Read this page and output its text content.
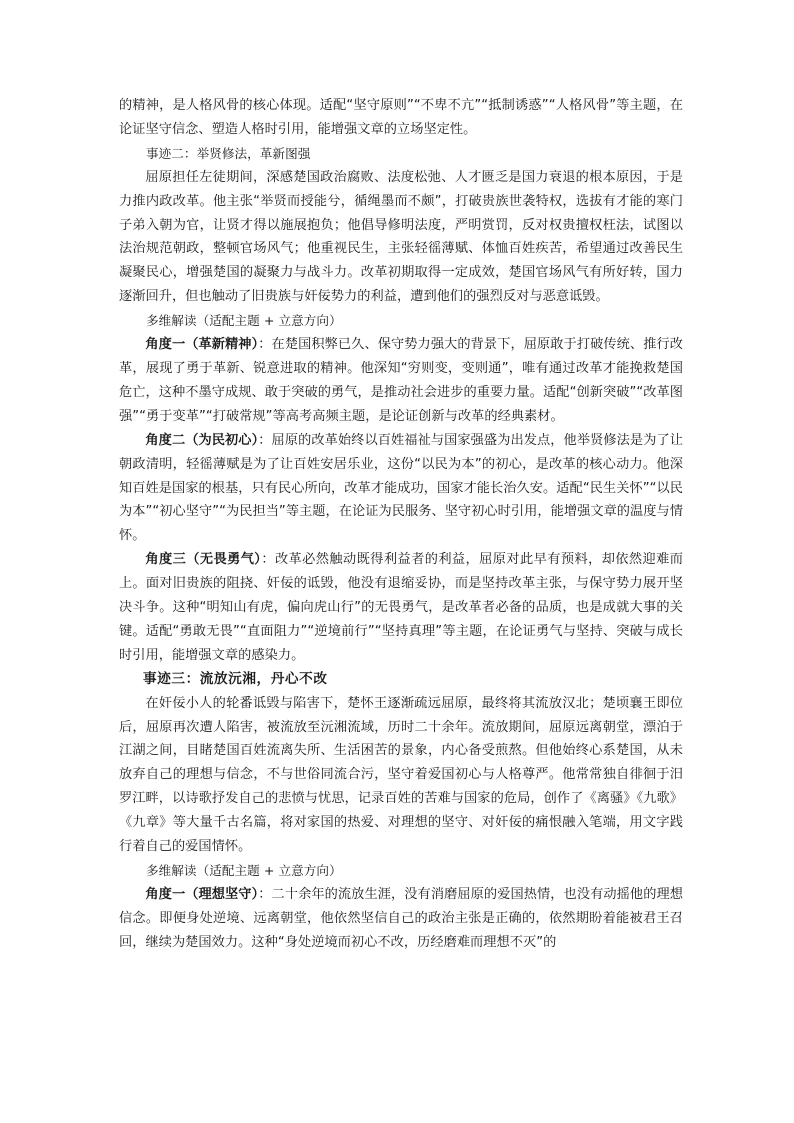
的精神，是人格风骨的核心体现。适配“坚守原则”“不卑不亢”“抵制诱惑”“人格风骨”等主题，在论证坚守信念、塑造人格时引用，能增强文章的立场坚定性。

事迹二：举贤修法，革新图强

屈原担任左徒期间，深感楚国政治腐败、法度松弛、人才匮乏是国力衰退的根本原因，于是力推内政改革。他主张“举贤而授能兮，循绳墨而不颇”，打破贵族世袭特权，选拔有才能的寒门子弟入朝为官，让贤才得以施展抱负；他倡导修明法度，严明赏罚，反对权贵擅权枉法，试图以法治规范朝政，整顿官场风气；他重视民生，主张轻徭薄赋、体恤百姓疾苦，希望通过改善民生凝聚民心，增强楚国的凝聚力与战斗力。改革初期取得一定成效，楚国官场风气有所好转，国力逐渐回升，但也触动了旧贵族与奸佞势力的利益，遭到他们的强烈反对与恶意诋毁。

多维解读（适配主题 + 立意方向）

角度一（革新精神）：在楚国积弊已久、保守势力强大的背景下，屈原敢于打破传统、推行改革，展现了勇于革新、锐意进取的精神。他深知“穷则变，变则通”，唯有通过改革才能挽救楚国危亡，这种不墨守成规、敢于突破的勇气，是推动社会进步的重要力量。适配“创新突破”“改革图强”“勇于变革”“打破常规”等高考高频主题，是论证创新与改革的经典素材。

角度二（为民初心）：屈原的改革始终以百姓福祉与国家强盛为出发点，他举贤修法是为了让朝政清明，轻徭薄赋是为了让百姓安居乐业，这份“以民为本”的初心，是改革的核心动力。他深知百姓是国家的根基，只有民心所向，改革才能成功，国家才能长治久安。适配“民生关怀”“以民为本”“初心坚守”“为民担当”等主题，在论证为民服务、坚守初心时引用，能增强文章的温度与情怀。

角度三（无畏勇气）：改革必然触动既得利益者的利益，屈原对此早有预料，却依然迎难而上。面对旧贵族的阻挠、奸佞的诋毁，他没有退缩妥协，而是坚持改革主张，与保守势力展开坚决斗争。这种“明知山有虎，偏向虎山行”的无畏勇气，是改革者必备的品质，也是成就大事的关键。适配“勇敢无畏”“直面阻力”“逆境前行”“坚持真理”等主题，在论证勇气与坚持、突破与成长时引用，能增强文章的感染力。

事迹三：流放沅湘，丹心不改

在奸佞小人的轮番诋毁与陷害下，楚怀王逐渐疏远屈原，最终将其流放汉北；楚顷襄王即位后，屈原再次遭人陷害，被流放至沅湘流域，历时二十余年。流放期间，屈原远离朝堂，漂泊于江湖之间，目睹楚国百姓流离失所、生活困苦的景象，内心备受煎熬。但他始终心系楚国，从未放弃自己的理想与信念，不与世俗同流合污，坚守着爱国初心与人格尊严。他常常独自徘徊于汨罗江畔，以诗歌抒发自己的悲愤与忧思，记录百姓的苦难与国家的危局，创作了《离骚》《九歌》《九章》等大量千古名篇，将对家国的热爱、对理想的坚守、对奸佞的痛恨融入笔端，用文字践行着自己的爱国情怀。

多维解读（适配主题 + 立意方向）

角度一（理想坚守）：二十余年的流放生涯，没有消磨屈原的爱国热情，也没有动摇他的理想信念。即便身处逆境、远离朝堂，他依然坚信自己的政治主张是正确的，依然期盼着能被君王召回，继续为楚国效力。这种“身处逆境而初心不改，历经磨难而理想不灭”的
